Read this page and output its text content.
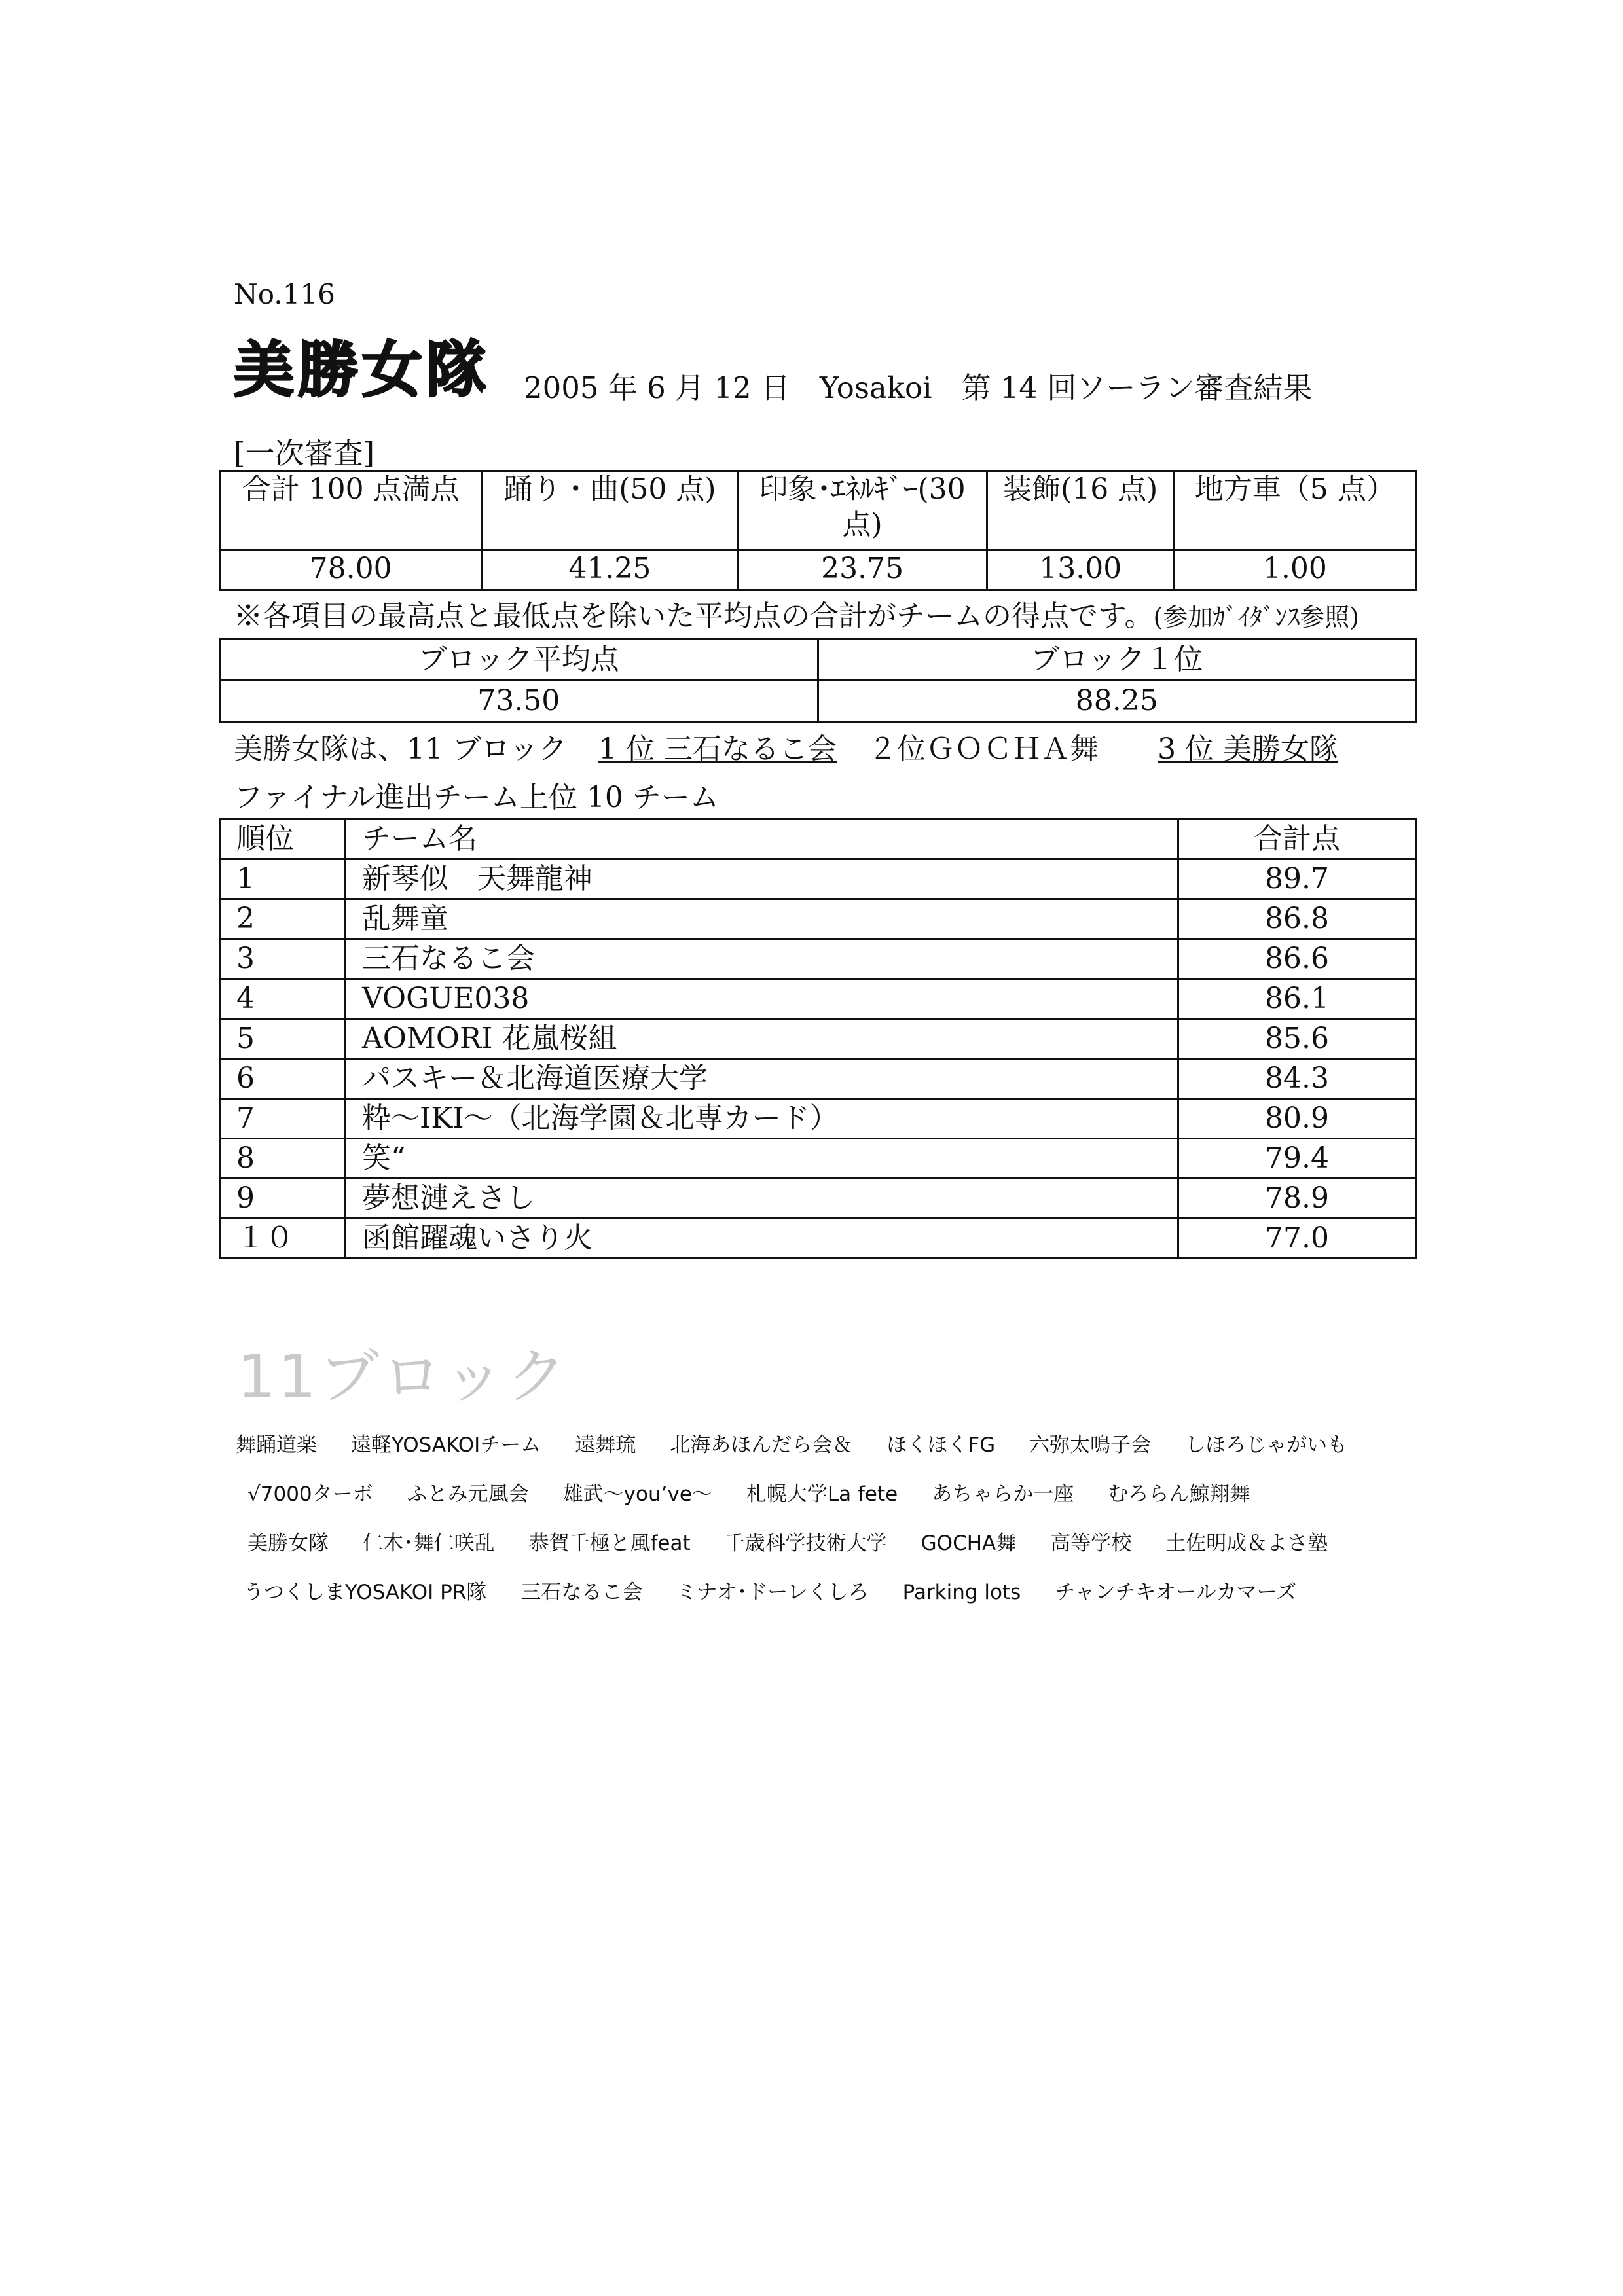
No.116
美勝女隊 2005 年 6 月 12 日　Yosakoi　第 14 回ソーラン審査結果
[一次審査]
合計 100 点満点	踊り・曲(50 点)	印象･ｴﾈﾙｷﾞｰ(30
点)	装飾(16 点)	地方車（5 点）
78.00	41.25	23.75	13.00	1.00
※各項目の最高点と最低点を除いた平均点の合計がチームの得点です。(参加ｶﾞｲﾀﾞﾝｽ参照)
ブロック平均点	ブロック１位
73.50	88.25
美勝女隊は、11 ブロック 1 位 三石なるこ会 ２位ＧＯＣＨＡ舞 3 位 美勝女隊
ファイナル進出チーム上位 10 チーム
順位	チーム名	合計点
1	新琴似　天舞龍神	89.7
2	乱舞童	86.8
3	三石なるこ会	86.6
4	VOGUE038	86.1
5	AOMORI 花嵐桜組	85.6
6	パスキー＆北海道医療大学	84.3
7	粋〜IKI〜（北海学園＆北専カード）	80.9
8	笑“	79.4
9	夢想漣えさし	78.9
１０	函館躍魂いさり火	77.0
11ブロック
舞踊道楽 遠軽YOSAKOIチーム 遠舞琉 北海あほんだら会＆ ほくほくFG 六弥太鳴子会 しほろじゃがいも
√7000ターボ ふとみ元風会 雄武〜you’ve〜 札幌大学La fete あちゃらか一座 むろらん鯨翔舞
美勝女隊 仁木･舞仁咲乱 恭賀千極と風feat 千歳科学技術大学 GOCHA舞 高等学校 土佐明成＆よさ塾
うつくしまYOSAKOI PR隊 三石なるこ会 ミナオ･ドーレくしろ Parking lots チャンチキオールカマーズ
